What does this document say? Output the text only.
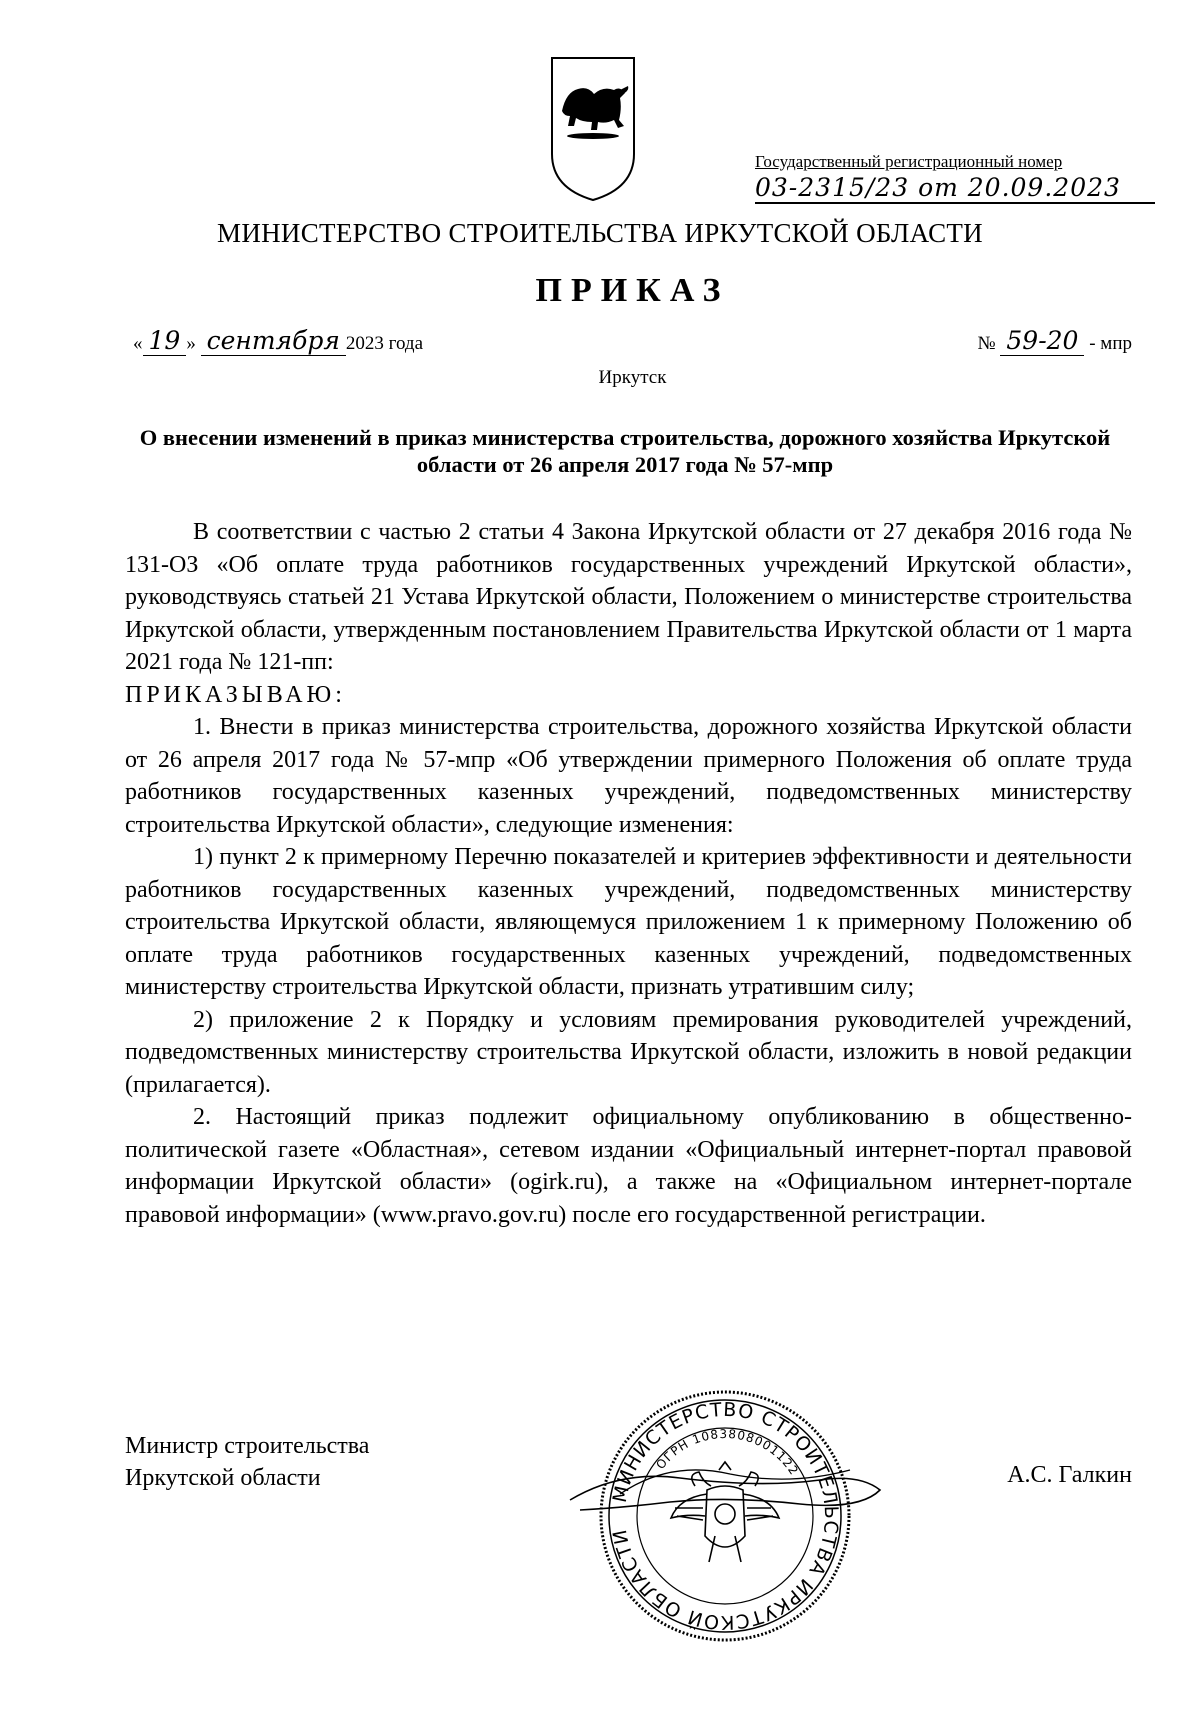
Государственный регистрационный номер
03-2315/23 от 20.09.2023
МИНИСТЕРСТВО СТРОИТЕЛЬСТВА ИРКУТСКОЙ ОБЛАСТИ
ПРИКАЗ
« 19 » сентября 2023 года	№ 59-20 - мпр
Иркутск
О внесении изменений в приказ министерства строительства, дорожного хозяйства Иркутской области от 26 апреля 2017 года № 57-мпр

В соответствии с частью 2 статьи 4 Закона Иркутской области от 27 декабря 2016 года № 131-ОЗ «Об оплате труда работников государственных учреждений Иркутской области», руководствуясь статьей 21 Устава Иркутской области, Положением о министерстве строительства Иркутской области, утвержденным постановлением Правительства Иркутской области от 1 марта 2021 года № 121-пп:

ПРИКАЗЫВАЮ:

1. Внести в приказ министерства строительства, дорожного хозяйства Иркутской области от 26 апреля 2017 года № 57-мпр «Об утверждении примерного Положения об оплате труда работников государственных казенных учреждений, подведомственных министерству строительства Иркутской области», следующие изменения:

1) пункт 2 к примерному Перечню показателей и критериев эффективности и деятельности работников государственных казенных учреждений, подведомственных министерству строительства Иркутской области, являющемуся приложением 1 к примерному Положению об оплате труда работников государственных казенных учреждений, подведомственных министерству строительства Иркутской области, признать утратившим силу;

2) приложение 2 к Порядку и условиям премирования руководителей учреждений, подведомственных министерству строительства Иркутской области, изложить в новой редакции (прилагается).

2. Настоящий приказ подлежит официальному опубликованию в общественно-политической газете «Областная», сетевом издании «Официальный интернет-портал правовой информации Иркутской области» (ogirk.ru), а также на «Официальном интернет-портале правовой информации» (www.pravo.gov.ru) после его государственной регистрации.

Министр строительства
Иркутской области	А.С. Галкин
МИНИСТЕРСТВО СТРОИТЕЛЬСТВА ИРКУТСКОЙ ОБЛАСТИ
ОГРН 1083808001122
